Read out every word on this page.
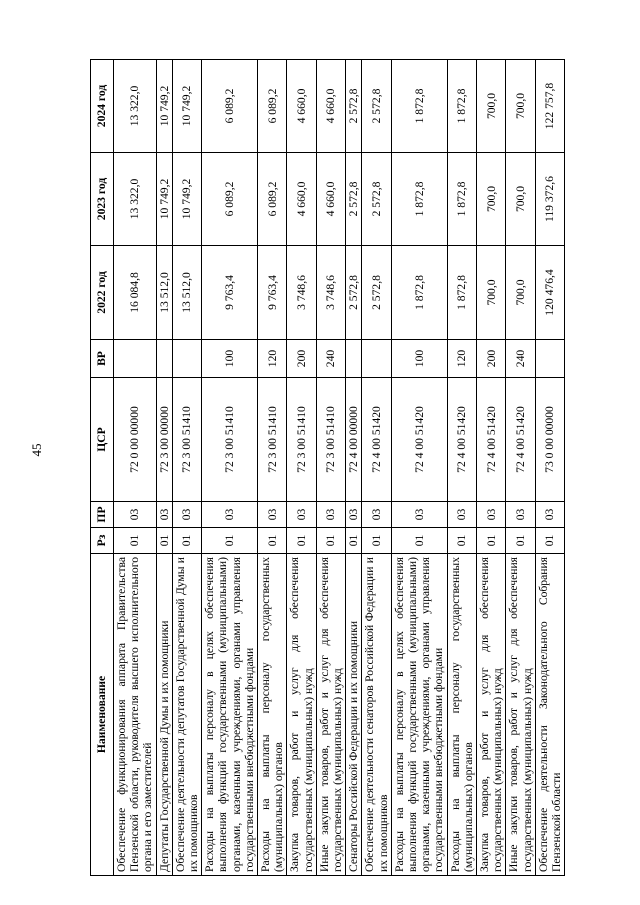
45
Наименование	Рз	ПР	ЦСР	ВР	2022 год	2023 год	2024 год
Обеспечение функционирования аппарата Правительства Пензенской области, руководителя высшего исполнительного органа и его заместителей	01	03	72 0 00 00000		16 084,8	13 322,0	13 322,0
Депутаты Государственной Думы и их помощники	01	03	72 3 00 00000		13 512,0	10 749,2	10 749,2
Обеспечение деятельности депутатов Государственной Думы и их помощников	01	03	72 3 00 51410		13 512,0	10 749,2	10 749,2
Расходы на выплаты персоналу в целях обеспечения выполнения функций государственными (муниципальными) органами, казенными учреждениями, органами управления государственными внебюджетными фондами	01	03	72 3 00 51410	100	9 763,4	6 089,2	6 089,2
Расходы на выплаты персоналу государственных (муниципальных) органов	01	03	72 3 00 51410	120	9 763,4	6 089,2	6 089,2
Закупка товаров, работ и услуг для обеспечения государственных (муниципальных) нужд	01	03	72 3 00 51410	200	3 748,6	4 660,0	4 660,0
Иные закупки товаров, работ и услуг для обеспечения государственных (муниципальных) нужд	01	03	72 3 00 51410	240	3 748,6	4 660,0	4 660,0
Сенаторы Российской Федерации и их помощники	01	03	72 4 00 00000		2 572,8	2 572,8	2 572,8
Обеспечение деятельности сенаторов Российской Федерации и их помощников	01	03	72 4 00 51420		2 572,8	2 572,8	2 572,8
Расходы на выплаты персоналу в целях обеспечения выполнения функций государственными (муниципальными) органами, казенными учреждениями, органами управления государственными внебюджетными фондами	01	03	72 4 00 51420	100	1 872,8	1 872,8	1 872,8
Расходы на выплаты персоналу государственных (муниципальных) органов	01	03	72 4 00 51420	120	1 872,8	1 872,8	1 872,8
Закупка товаров, работ и услуг для обеспечения государственных (муниципальных) нужд	01	03	72 4 00 51420	200	700,0	700,0	700,0
Иные закупки товаров, работ и услуг для обеспечения государственных (муниципальных) нужд	01	03	72 4 00 51420	240	700,0	700,0	700,0
Обеспечение деятельности Законодательного Собрания Пензенской области	01	03	73 0 00 00000		120 476,4	119 372,6	122 757,8
